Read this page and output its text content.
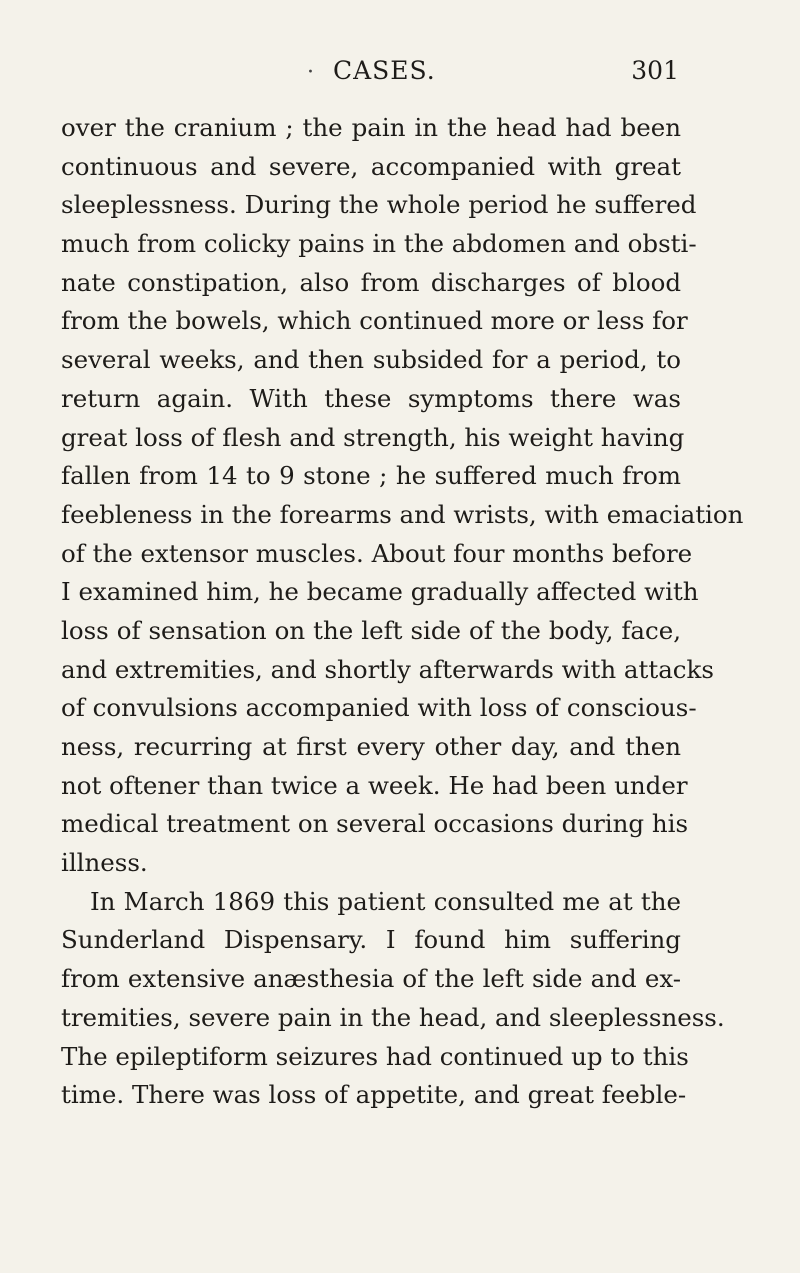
· CASES.	301
over the cranium ; the pain in the head had been
continuous and severe, accompanied with great
sleeplessness. During the whole period he suffered
much from colicky pains in the abdomen and obsti-
nate constipation, also from discharges of blood
from the bowels, which continued more or less for
several weeks, and then subsided for a period, to
return again. With these symptoms there was
great loss of flesh and strength, his weight having
fallen from 14 to 9 stone ; he suffered much from
feebleness in the forearms and wrists, with emaciation
of the extensor muscles. About four months before
I examined him, he became gradually affected with
loss of sensation on the left side of the body, face,
and extremities, and shortly afterwards with attacks
of convulsions accompanied with loss of conscious-
ness, recurring at first every other day, and then
not oftener than twice a week. He had been under
medical treatment on several occasions during his
illness.
In March 1869 this patient consulted me at the
Sunderland Dispensary. I found him suffering
from extensive anæsthesia of the left side and ex-
tremities, severe pain in the head, and sleeplessness.
The epileptiform seizures had continued up to this
time. There was loss of appetite, and great feeble-
